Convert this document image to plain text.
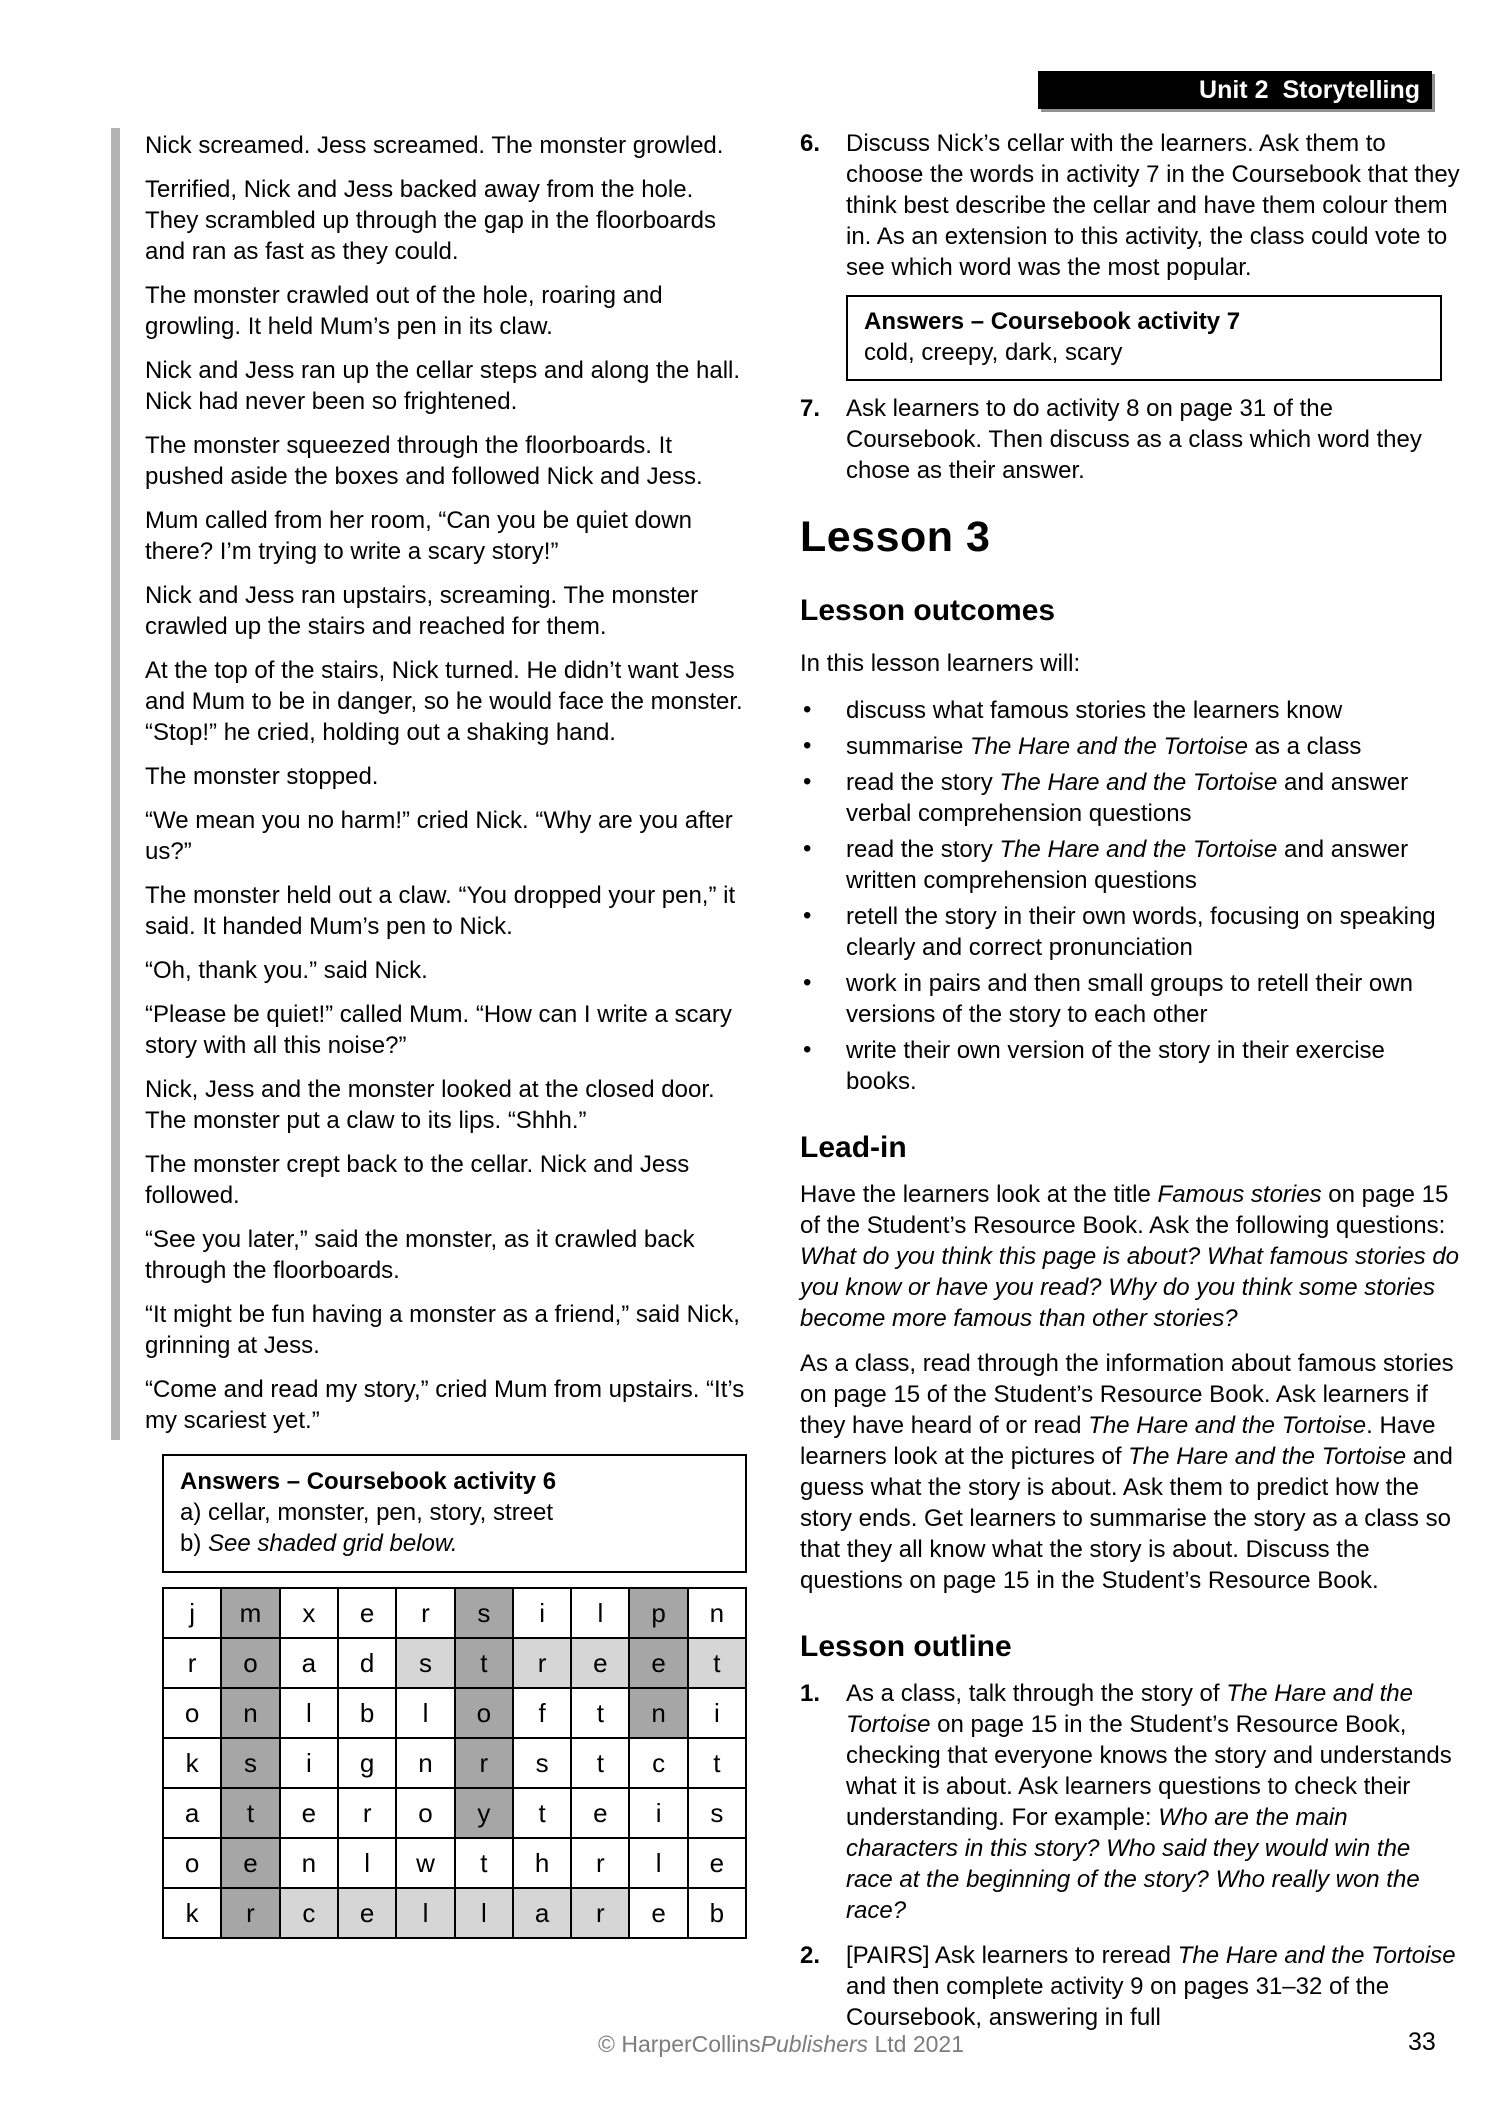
Unit 2 Storytelling

Nick screamed. Jess screamed. The monster growled.

Terrified, Nick and Jess backed away from the hole. They scrambled up through the gap in the floorboards and ran as fast as they could.

The monster crawled out of the hole, roaring and growling. It held Mum’s pen in its claw.

Nick and Jess ran up the cellar steps and along the hall. Nick had never been so frightened.

The monster squeezed through the floorboards. It pushed aside the boxes and followed Nick and Jess.

Mum called from her room, “Can you be quiet down there? I’m trying to write a scary story!”

Nick and Jess ran upstairs, screaming. The monster crawled up the stairs and reached for them.

At the top of the stairs, Nick turned. He didn’t want Jess and Mum to be in danger, so he would face the monster. “Stop!” he cried, holding out a shaking hand.

The monster stopped.

“We mean you no harm!” cried Nick. “Why are you after us?”

The monster held out a claw. “You dropped your pen,” it said. It handed Mum’s pen to Nick.

“Oh, thank you.” said Nick.

“Please be quiet!” called Mum. “How can I write a scary story with all this noise?”

Nick, Jess and the monster looked at the closed door. The monster put a claw to its lips. “Shhh.”

The monster crept back to the cellar. Nick and Jess followed.

“See you later,” said the monster, as it crawled back through the floorboards.

“It might be fun having a monster as a friend,” said Nick, grinning at Jess.

“Come and read my story,” cried Mum from upstairs. “It’s my scariest yet.”

Answers – Coursebook activity 6
a) cellar, monster, pen, story, street
b) See shaded grid below.
j	m	x	e	r	s	i	l	p	n
r	o	a	d	s	t	r	e	e	t
o	n	l	b	l	o	f	t	n	i
k	s	i	g	n	r	s	t	c	t
a	t	e	r	o	y	t	e	i	s
o	e	n	l	w	t	h	r	l	e
k	r	c	e	l	l	a	r	e	b
6.	Discuss Nick’s cellar with the learners. Ask them to choose the words in activity 7 in the Coursebook that they think best describe the cellar and have them colour them in. As an extension to this activity, the class could vote to see which word was the most popular.
Answers – Coursebook activity 7
cold, creepy, dark, scary
7.	Ask learners to do activity 8 on page 31 of the Coursebook. Then discuss as a class which word they chose as their answer.
Lesson 3
Lesson outcomes

In this lesson learners will:

• discuss what famous stories the learners know
• summarise The Hare and the Tortoise as a class
• read the story The Hare and the Tortoise and answer verbal comprehension questions
• read the story The Hare and the Tortoise and answer written comprehension questions
• retell the story in their own words, focusing on speaking clearly and correct pronunciation
• work in pairs and then small groups to retell their own versions of the story to each other
• write their own version of the story in their exercise books.
Lead-in

Have the learners look at the title Famous stories on page 15 of the Student’s Resource Book. Ask the following questions: What do you think this page is about? What famous stories do you know or have you read? Why do you think some stories become more famous than other stories?

As a class, read through the information about famous stories on page 15 of the Student’s Resource Book. Ask learners if they have heard of or read The Hare and the Tortoise. Have learners look at the pictures of The Hare and the Tortoise and guess what the story is about. Ask them to predict how the story ends. Get learners to summarise the story as a class so that they all know what the story is about. Discuss the questions on page 15 in the Student’s Resource Book.

Lesson outline
1.	As a class, talk through the story of The Hare and the Tortoise on page 15 in the Student’s Resource Book, checking that everyone knows the story and understands what it is about. Ask learners questions to check their understanding. For example: Who are the main characters in this story? Who said they would win the race at the beginning of the story? Who really won the race?
2.	[PAIRS] Ask learners to reread The Hare and the Tortoise and then complete activity 9 on pages 31–32 of the Coursebook, answering in full
© HarperCollinsPublishers Ltd 2021	33
